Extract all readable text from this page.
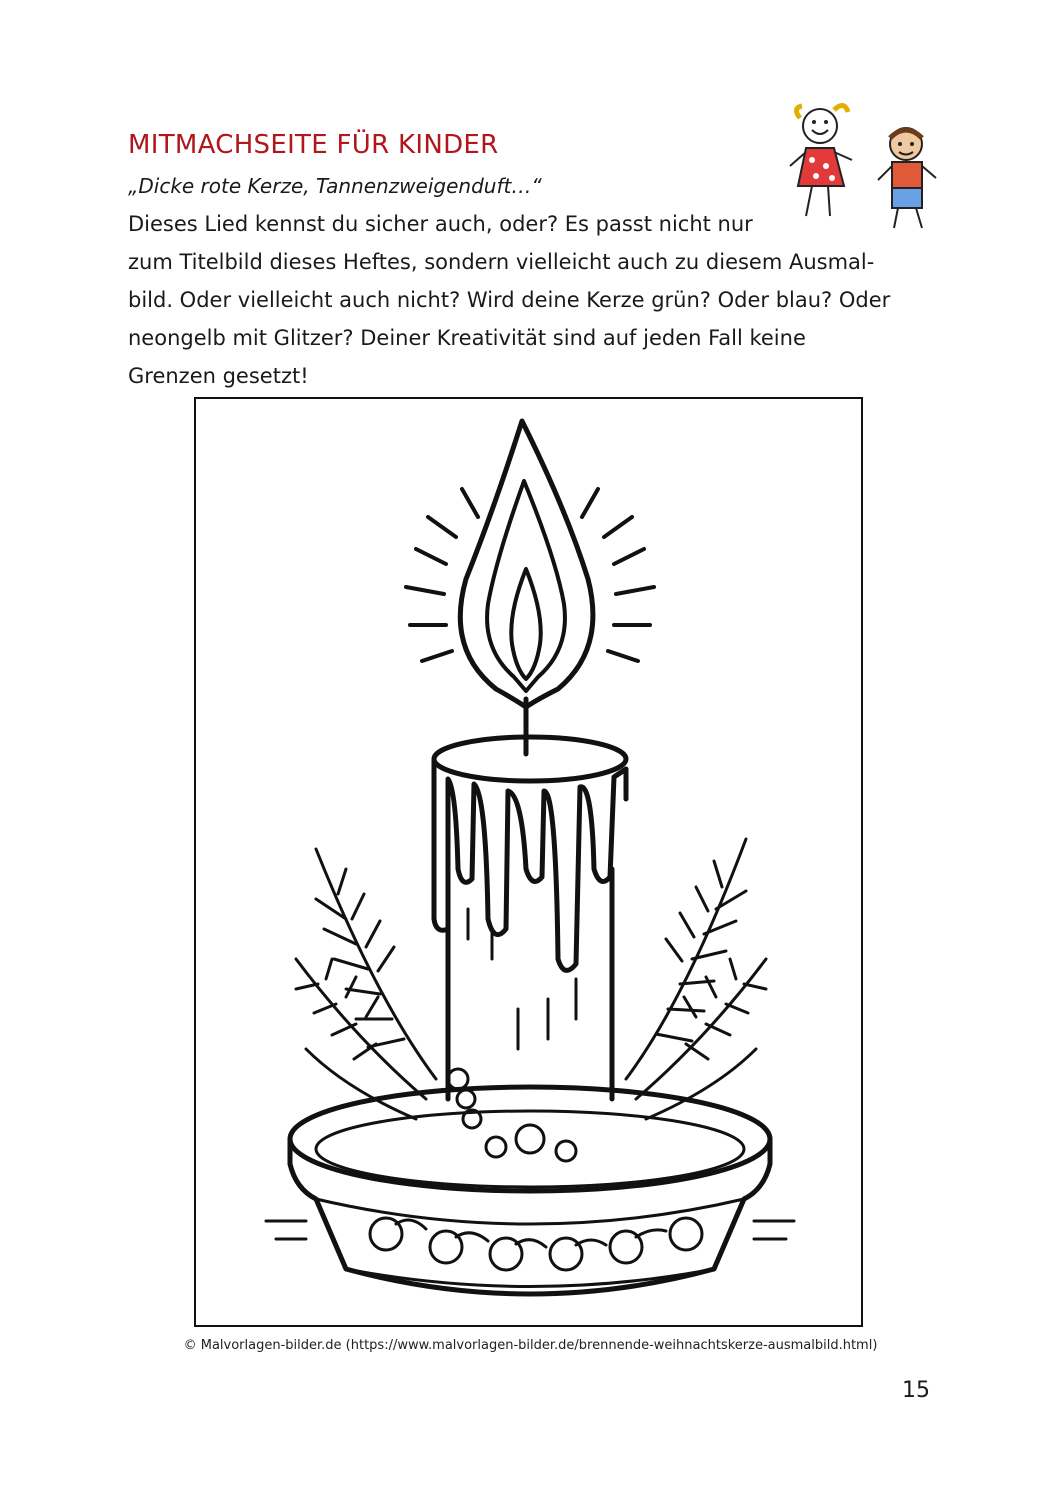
MITMACHSEITE FÜR KINDER

„Dicke rote Kerze, Tannenzweigenduft…“

Dieses Lied kennst du sicher auch, oder? Es passt nicht nur
zum Titelbild dieses Heftes, sondern vielleicht auch zu diesem Ausmal-
bild. Oder vielleicht auch nicht? Wird deine Kerze grün? Oder blau? Oder
neongelb mit Glitzer? Deiner Kreativität sind auf jeden Fall keine
Grenzen gesetzt!
© Malvorlagen-bilder.de (https://www.malvorlagen-bilder.de/brennende-weihnachtskerze-ausmalbild.html)
15
